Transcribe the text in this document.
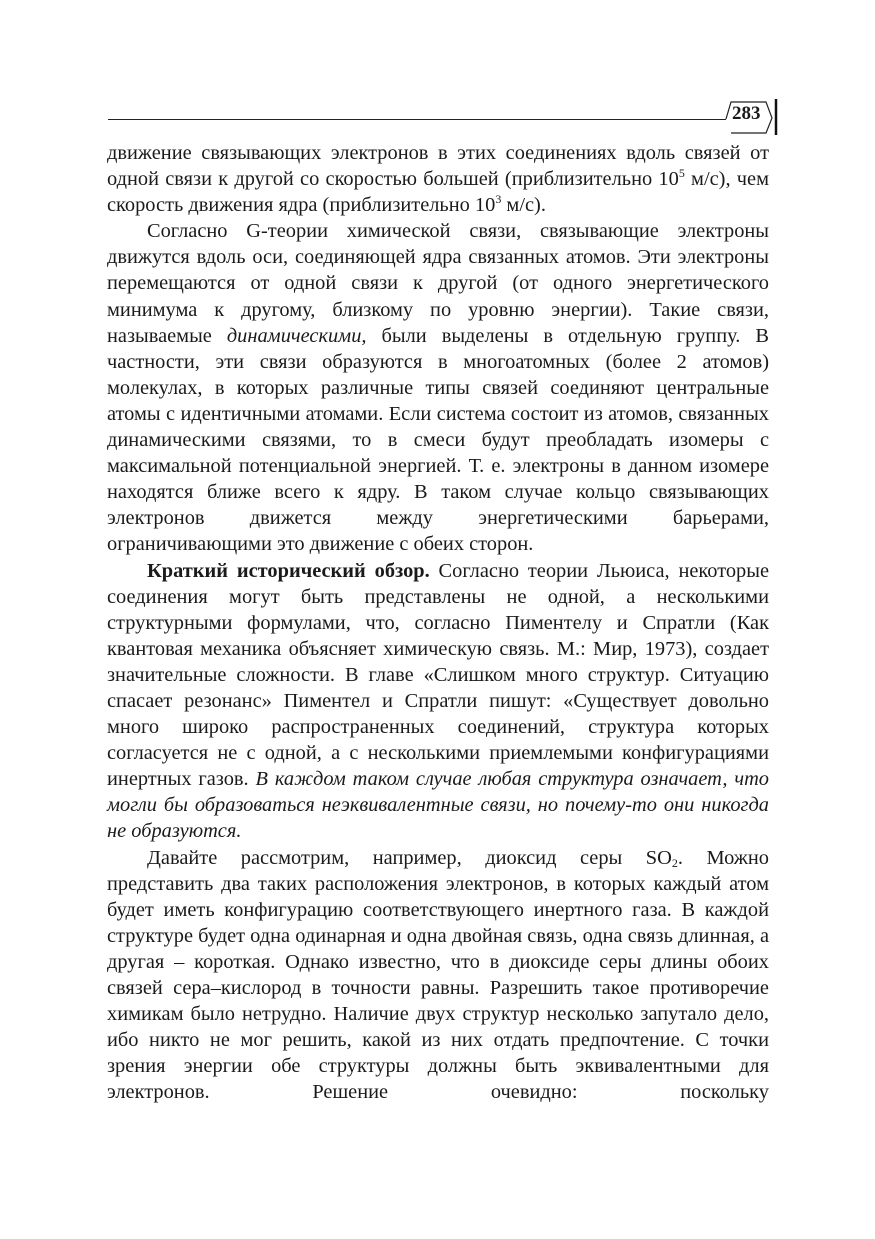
283

движение связывающих электронов в этих соединениях вдоль связей от одной связи к другой со скоростью большей (приблизительно $10^5$ м/с), чем скорость движения ядра (приблизительно $10^3$ м/с).

Согласно G-теории химической связи, связывающие электроны движутся вдоль оси, соединяющей ядра связанных атомов. Эти электроны перемещаются от одной связи к другой (от одного энергетического минимума к другому, близкому по уровню энергии). Такие связи, называемые динамическими, были выделены в отдельную группу. В частности, эти связи образуются в многоатомных (более 2 атомов) молекулах, в которых различные типы связей соединяют центральные атомы с идентичными атомами. Если система состоит из атомов, связанных динамическими связями, то в смеси будут преобладать изомеры с максимальной потенциальной энергией. Т. е. электроны в данном изомере находятся ближе всего к ядру. В таком случае кольцо связывающих электронов движется между энергетическими барьерами, ограничивающими это движение с обеих сторон.

Краткий исторический обзор. Согласно теории Льюиса, некоторые соединения могут быть представлены не одной, а несколькими структурными формулами, что, согласно Пиментелу и Спратли (Как квантовая механика объясняет химическую связь. М.: Мир, 1973), создает значительные сложности. В главе «Слишком много структур. Ситуацию спасает резонанс» Пиментел и Спратли пишут: «Существует довольно много широко распространенных соединений, структура которых согласуется не с одной, а с несколькими приемлемыми конфигурациями инертных газов. В каждом таком случае любая структура означает, что могли бы образоваться неэквивалентные связи, но почему-то они никогда не образуются.

Давайте рассмотрим, например, диоксид серы $SO_2$. Можно представить два таких расположения электронов, в которых каждый атом будет иметь конфигурацию соответствующего инертного газа. В каждой структуре будет одна одинарная и одна двойная связь, одна связь длинная, а другая – короткая. Однако известно, что в диоксиде серы длины обоих связей сера–кислород в точности равны. Разрешить такое противоречие химикам было нетрудно. Наличие двух структур несколько запутало дело, ибо никто не мог решить, какой из них отдать предпочтение. С точки зрения энергии обе структуры должны быть эквивалентными для электронов. Решение очевидно: поскольку
